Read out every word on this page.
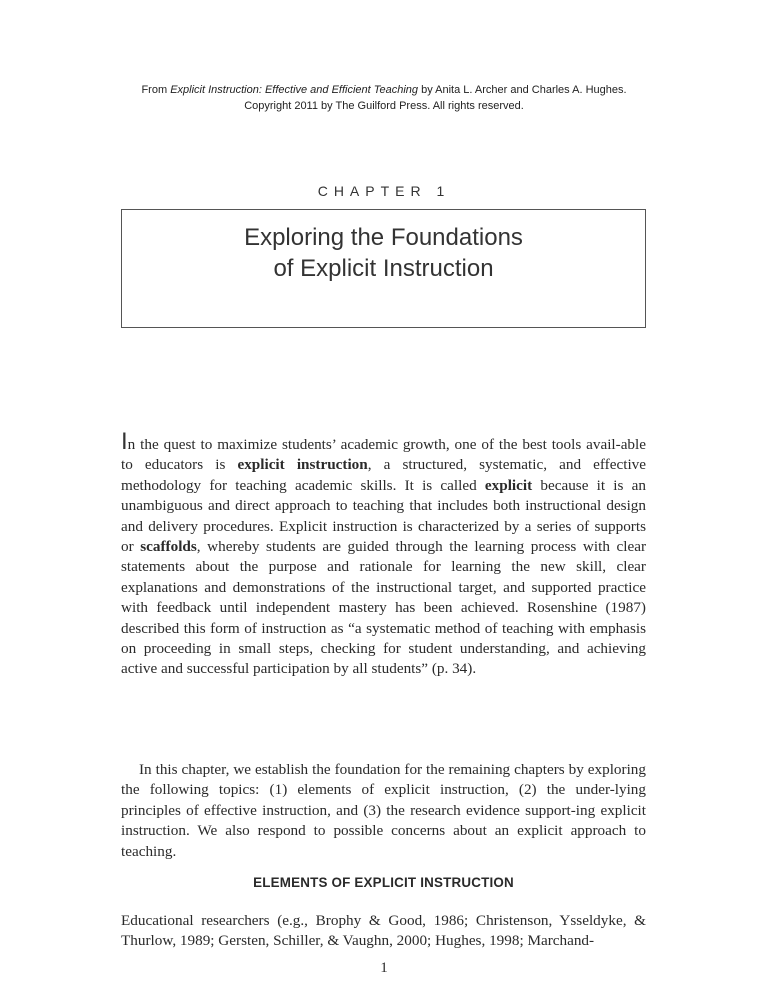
From Explicit Instruction: Effective and Efficient Teaching by Anita L. Archer and Charles A. Hughes.
Copyright 2011 by The Guilford Press. All rights reserved.
CHAPTER 1
Exploring the Foundations
of Explicit Instruction
In the quest to maximize students’ academic growth, one of the best tools avail-able to educators is explicit instruction, a structured, systematic, and effective methodology for teaching academic skills. It is called explicit because it is an unambiguous and direct approach to teaching that includes both instructional design and delivery procedures. Explicit instruction is characterized by a series of supports or scaffolds, whereby students are guided through the learning process with clear statements about the purpose and rationale for learning the new skill, clear explanations and demonstrations of the instructional target, and supported practice with feedback until independent mastery has been achieved. Rosenshine (1987) described this form of instruction as “a systematic method of teaching with emphasis on proceeding in small steps, checking for student understanding, and achieving active and successful participation by all students” (p. 34).
In this chapter, we establish the foundation for the remaining chapters by exploring the following topics: (1) elements of explicit instruction, (2) the under-lying principles of effective instruction, and (3) the research evidence support-ing explicit instruction. We also respond to possible concerns about an explicit approach to teaching.
ELEMENTS OF EXPLICIT INSTRUCTION
Educational researchers (e.g., Brophy & Good, 1986; Christenson, Ysseldyke, & Thurlow, 1989; Gersten, Schiller, & Vaughn, 2000; Hughes, 1998; Marchand-
1
